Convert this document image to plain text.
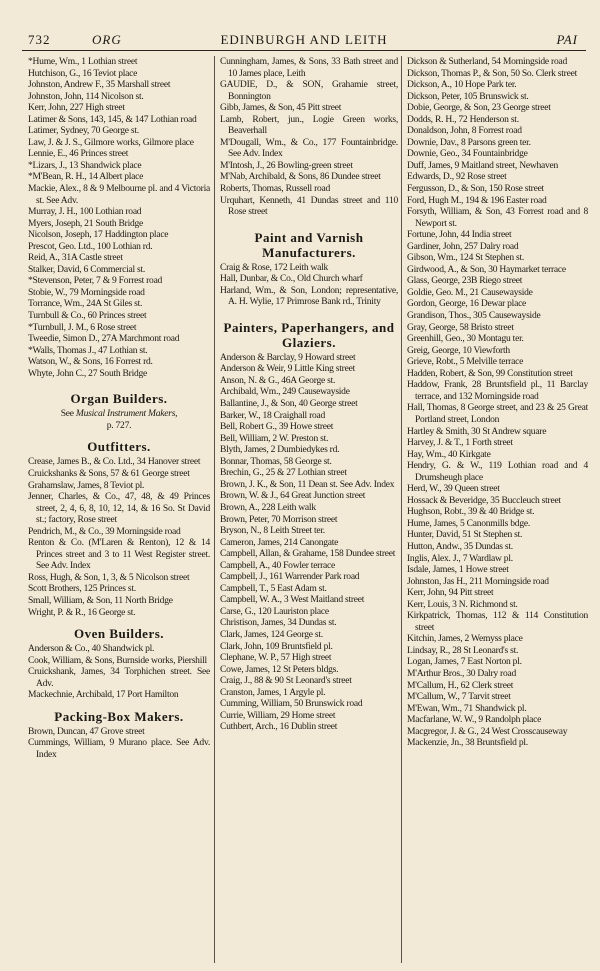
732	ORG	EDINBURGH AND LEITH	PAI
*Hume, Wm., 1 Lothian street
Hutchison, G., 16 Teviot place
Johnston, Andrew F., 35 Marshall street
Johnston, John, 114 Nicolson st.
Kerr, John, 227 High street
Latimer & Sons, 143, 145, & 147 Lothian road
Latimer, Sydney, 70 George st.
Law, J. & J. S., Gilmore works, Gilmore place
Lennie, E., 46 Princes street
*Lizars, J., 13 Shandwick place
*M'Bean, R. H., 14 Albert place
Mackie, Alex., 8 & 9 Melbourne pl. and 4 Victoria st. See Adv.
Murray, J. H., 100 Lothian road
Myers, Joseph, 21 South Bridge
Nicolson, Joseph, 17 Haddington place
Prescot, Geo. Ltd., 100 Lothian rd.
Reid, A., 31A Castle street
Stalker, David, 6 Commercial st.
*Stevenson, Peter, 7 & 9 Forrest road
Stobie, W., 79 Morningside road
Torrance, Wm., 24A St Giles st.
Turnbull & Co., 60 Princes street
*Turnbull, J. M., 6 Rose street
Tweedie, Simon D., 27A Marchmont road
*Walls, Thomas J., 47 Lothian st.
Watson, W., & Sons, 16 Forrest rd.
Whyte, John C., 27 South Bridge
Organ Builders.
See Musical Instrument Makers,
p. 727.
Outfitters.
Crease, James B., & Co. Ltd., 34 Hanover street
Cruickshanks & Sons, 57 & 61 George street
Grahamslaw, James, 8 Teviot pl.
Jenner, Charles, & Co., 47, 48, & 49 Princes street, 2, 4, 6, 8, 10, 12, 14, & 16 So. St David st.; factory, Rose street
Pendrich, M., & Co., 39 Morningside road
Renton & Co. (M'Laren & Renton), 12 & 14 Princes street and 3 to 11 West Register street. See Adv. Index
Ross, Hugh, & Son, 1, 3, & 5 Nicolson street
Scott Brothers, 125 Princes st.
Small, William, & Son, 11 North Bridge
Wright, P. & R., 16 George st.
Oven Builders.
Anderson & Co., 40 Shandwick pl.
Cook, William, & Sons, Burnside works, Piershill
Cruickshank, James, 34 Torphichen street. See Adv.
Mackechnie, Archibald, 17 Port Hamilton
Packing-Box Makers.
Brown, Duncan, 47 Grove street
Cummings, William, 9 Murano place. See Adv. Index
Cunningham, James, & Sons, 33 Bath street and 10 James place, Leith
GAUDIE, D., & SON, Grahamie street, Bonnington
Gibb, James, & Son, 45 Pitt street
Lamb, Robert, jun., Logie Green works, Beaverhall
M'Dougall, Wm., & Co., 177 Fountainbridge. See Adv. Index
M'Intosh, J., 26 Bowling-green street
M'Nab, Archibald, & Sons, 86 Dundee street
Roberts, Thomas, Russell road
Urquhart, Kenneth, 41 Dundas street and 110 Rose street
Paint and Varnish Manufacturers.
Craig & Rose, 172 Leith walk
Hall, Dunbar, & Co., Old Church wharf
Harland, Wm., & Son, London; representative, A. H. Wylie, 17 Primrose Bank rd., Trinity
Painters, Paperhangers, and Glaziers.
Anderson & Barclay, 9 Howard street
Anderson & Weir, 9 Little King street
Anson, N. & G., 46A George st.
Archibald, Wm., 249 Causewayside
Ballantine, J., & Son, 40 George street
Barker, W., 18 Craighall road
Bell, Robert G., 39 Howe street
Bell, William, 2 W. Preston st.
Blyth, James, 2 Dumbiedykes rd.
Bonnar, Thomas, 58 George st.
Brechin, G., 25 & 27 Lothian street
Brown, J. K., & Son, 11 Dean st. See Adv. Index
Brown, W. & J., 64 Great Junction street
Brown, A., 228 Leith walk
Brown, Peter, 70 Morrison street
Bryson, N., 8 Leith Street ter.
Cameron, James, 214 Canongate
Campbell, Allan, & Grahame, 158 Dundee street
Campbell, A., 40 Fowler terrace
Campbell, J., 161 Warrender Park road
Campbell, T., 5 East Adam st.
Campbell, W. A., 3 West Maitland street
Carse, G., 120 Lauriston place
Christison, James, 34 Dundas st.
Clark, James, 124 George st.
Clark, John, 109 Bruntsfield pl.
Clephane, W. P., 57 High street
Cowe, James, 12 St Peters bldgs.
Craig, J., 88 & 90 St Leonard's street
Cranston, James, 1 Argyle pl.
Cumming, William, 50 Brunswick road
Currie, William, 29 Home street
Cuthbert, Arch., 16 Dublin street
Dickson & Sutherland, 54 Morningside road
Dickson, Thomas P., & Son, 50 So. Clerk street
Dickson, A., 10 Hope Park ter.
Dickson, Peter, 105 Brunswick st.
Dobie, George, & Son, 23 George street
Dodds, R. H., 72 Henderson st.
Donaldson, John, 8 Forrest road
Downie, Dav., 8 Parsons green ter.
Downie, Geo., 34 Fountainbridge
Duff, James, 9 Maitland street, Newhaven
Edwards, D., 92 Rose street
Fergusson, D., & Son, 150 Rose street
Ford, Hugh M., 194 & 196 Easter road
Forsyth, William, & Son, 43 Forrest road and 8 Newport st.
Fortune, John, 44 India street
Gardiner, John, 257 Dalry road
Gibson, Wm., 124 St Stephen st.
Girdwood, A., & Son, 30 Haymarket terrace
Glass, George, 23B Riego street
Goldie, Geo. M., 21 Causewayside
Gordon, George, 16 Dewar place
Grandison, Thos., 305 Causewayside
Gray, George, 58 Bristo street
Greenhill, Geo., 30 Montagu ter.
Greig, George, 10 Viewforth
Grieve, Robt., 5 Melville terrace
Hadden, Robert, & Son, 99 Constitution street
Haddow, Frank, 28 Bruntsfield pl., 11 Barclay terrace, and 132 Morningside road
Hall, Thomas, 8 George street, and 23 & 25 Great Portland street, London
Hartley & Smith, 30 St Andrew square
Harvey, J. & T., 1 Forth street
Hay, Wm., 40 Kirkgate
Hendry, G. & W., 119 Lothian road and 4 Drumsheugh place
Herd, W., 39 Queen street
Hossack & Beveridge, 35 Buccleuch street
Hughson, Robt., 39 & 40 Bridge st.
Hume, James, 5 Canonmills bdge.
Hunter, David, 51 St Stephen st.
Hutton, Andw., 35 Dundas st.
Inglis, Alex. J., 7 Wardlaw pl.
Isdale, James, 1 Howe street
Johnston, Jas H., 211 Morningside road
Kerr, John, 94 Pitt street
Kerr, Louis, 3 N. Richmond st.
Kirkpatrick, Thomas, 112 & 114 Constitution street
Kitchin, James, 2 Wemyss place
Lindsay, R., 28 St Leonard's st.
Logan, James, 7 East Norton pl.
M'Arthur Bros., 30 Dalry road
M'Callum, H., 62 Clerk street
M'Callum, W., 7 Tarvit street
M'Ewan, Wm., 71 Shandwick pl.
Macfarlane, W. W., 9 Randolph place
Macgregor, J. & G., 24 West Crosscauseway
Mackenzie, Jn., 38 Bruntsfield pl.
